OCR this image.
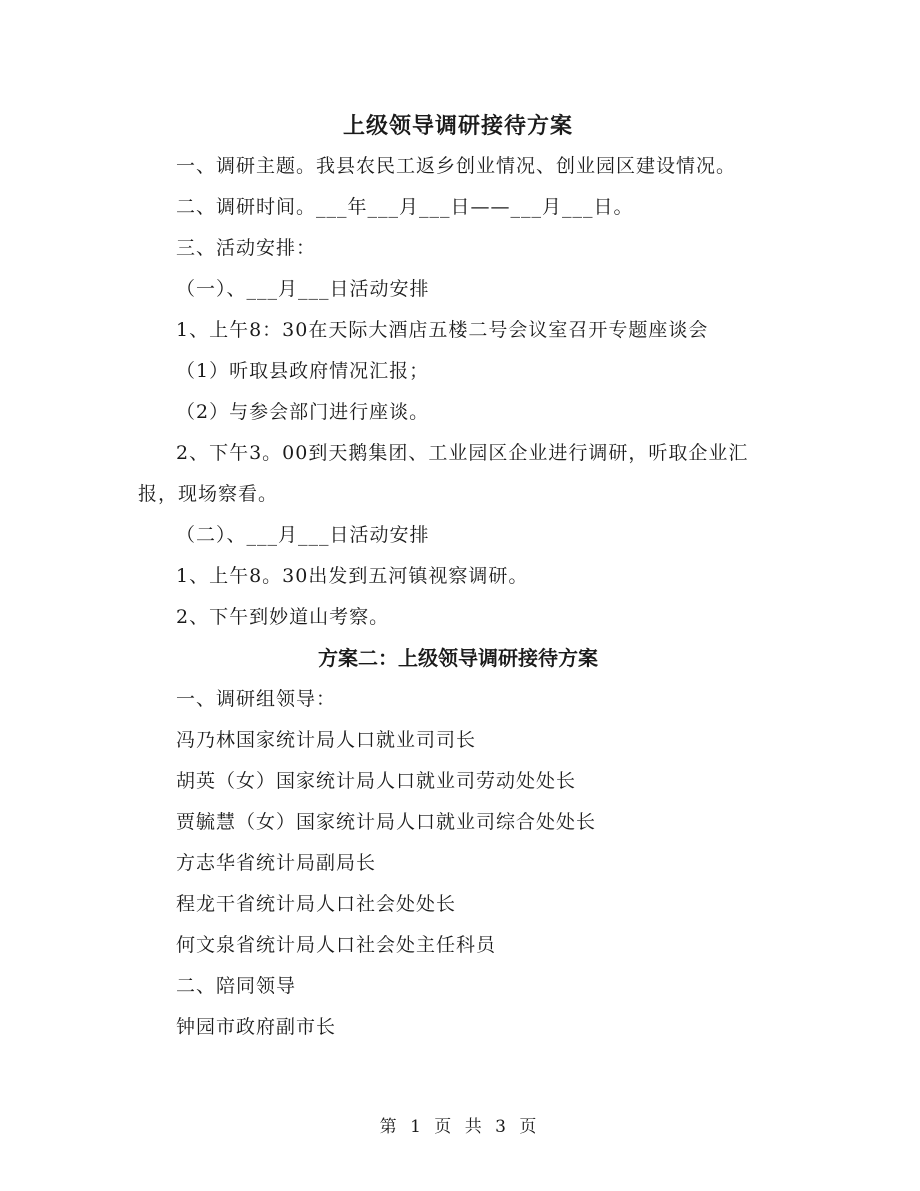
上级领导调研接待方案
一、调研主题。我县农民工返乡创业情况、创业园区建设情况。
二、调研时间。___年___月___日——___月___日。
三、活动安排：
（一）、___月___日活动安排
1、上午8：30在天际大酒店五楼二号会议室召开专题座谈会
（1）听取县政府情况汇报；
（2）与参会部门进行座谈。
2、下午3。00到天鹅集团、工业园区企业进行调研，听取企业汇
报，现场察看。
（二）、___月___日活动安排
1、上午8。30出发到五河镇视察调研。
2、下午到妙道山考察。
方案二：上级领导调研接待方案
一、调研组领导：
冯乃林国家统计局人口就业司司长
胡英（女）国家统计局人口就业司劳动处处长
贾毓慧（女）国家统计局人口就业司综合处处长
方志华省统计局副局长
程龙干省统计局人口社会处处长
何文泉省统计局人口社会处主任科员
二、陪同领导
钟园市政府副市长
第 1 页 共 3 页
